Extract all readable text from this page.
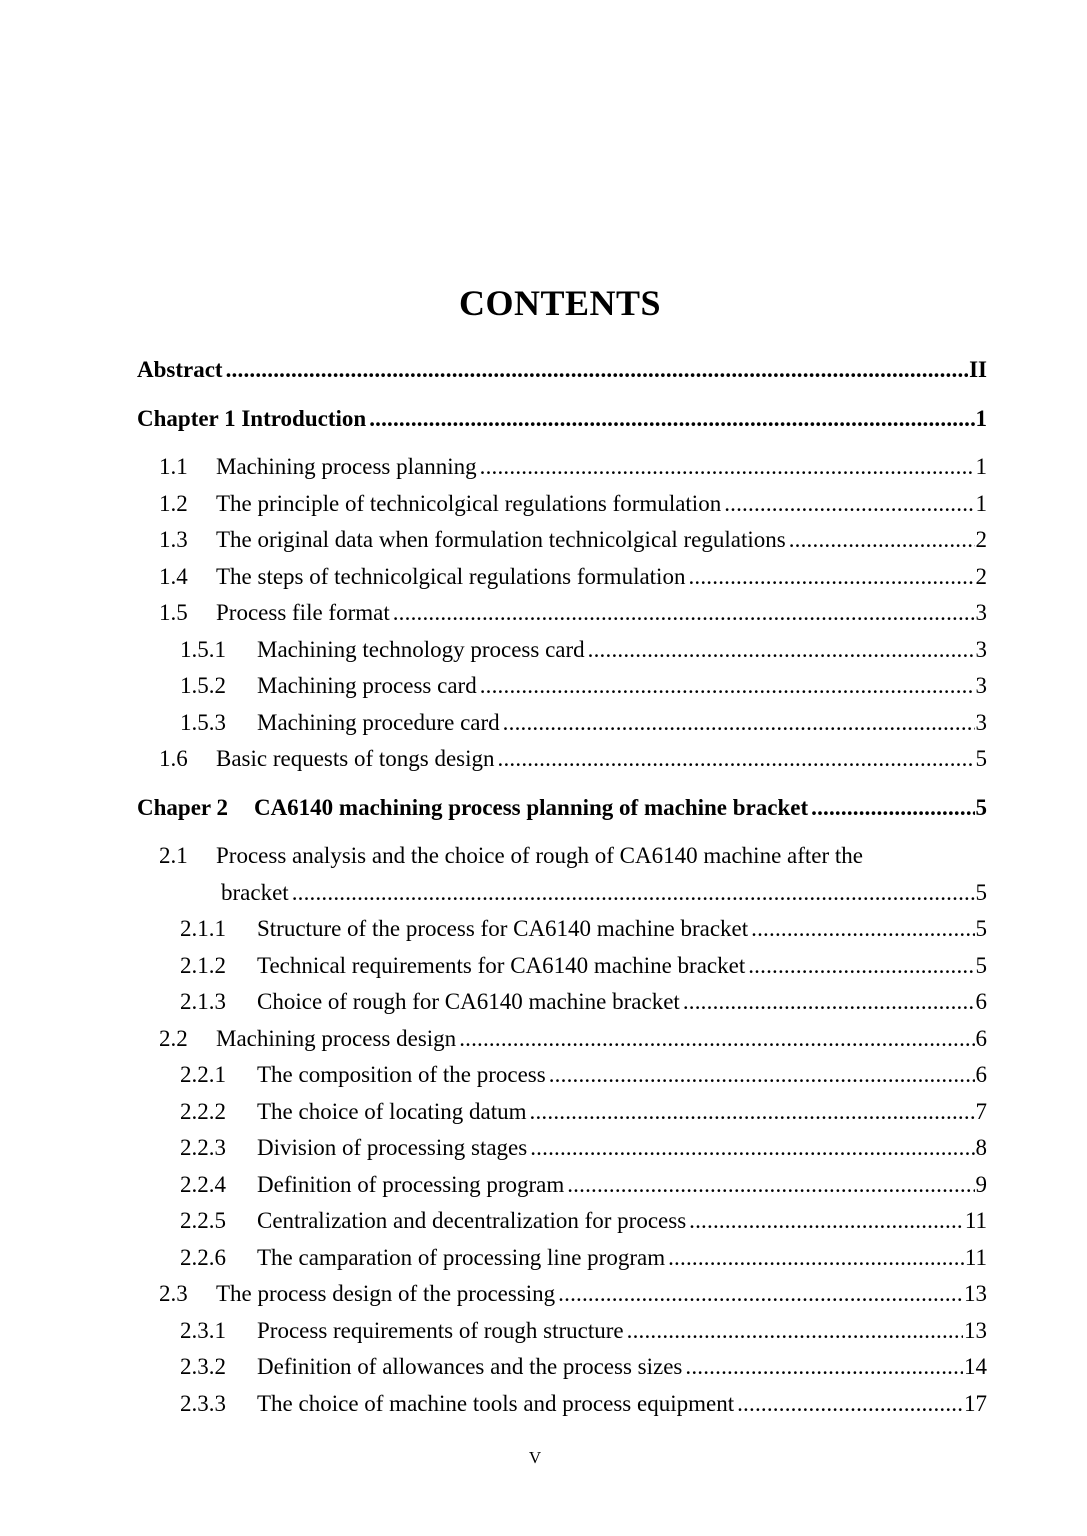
CONTENTS
Abstract .....	II
Chapter 1 Introduction .....	1
1.1	Machining process planning .....	1
1.2	The principle of technicolgical regulations formulation .....	1
1.3	The original data when formulation technicolgical regulations .....	2
1.4	The steps of technicolgical regulations formulation .....	2
1.5	Process file format .....	3
1.5.1	Machining technology process card .....	3
1.5.2	Machining process card .....	3
1.5.3	Machining procedure card .....	3
1.6	Basic requests of tongs design .....	5
Chaper 2 CA6140 machining process planning of machine bracket .....	5
2.1	Process analysis and the choice of rough of CA6140 machine after the
bracket .....	5
2.1.1	Structure of the process for CA6140 machine bracket .....	5
2.1.2	Technical requirements for CA6140 machine bracket .....	5
2.1.3	Choice of rough for CA6140 machine bracket .....	6
2.2	Machining process design .....	6
2.2.1	The composition of the process .....	6
2.2.2	The choice of locating datum .....	7
2.2.3	Division of processing stages .....	8
2.2.4	Definition of processing program .....	9
2.2.5	Centralization and decentralization for process .....	11
2.2.6	The camparation of processing line program .....	11
2.3	The process design of the processing .....	13
2.3.1	Process requirements of rough structure .....	13
2.3.2	Definition of allowances and the process sizes .....	14
2.3.3	The choice of machine tools and process equipment .....	17
V
